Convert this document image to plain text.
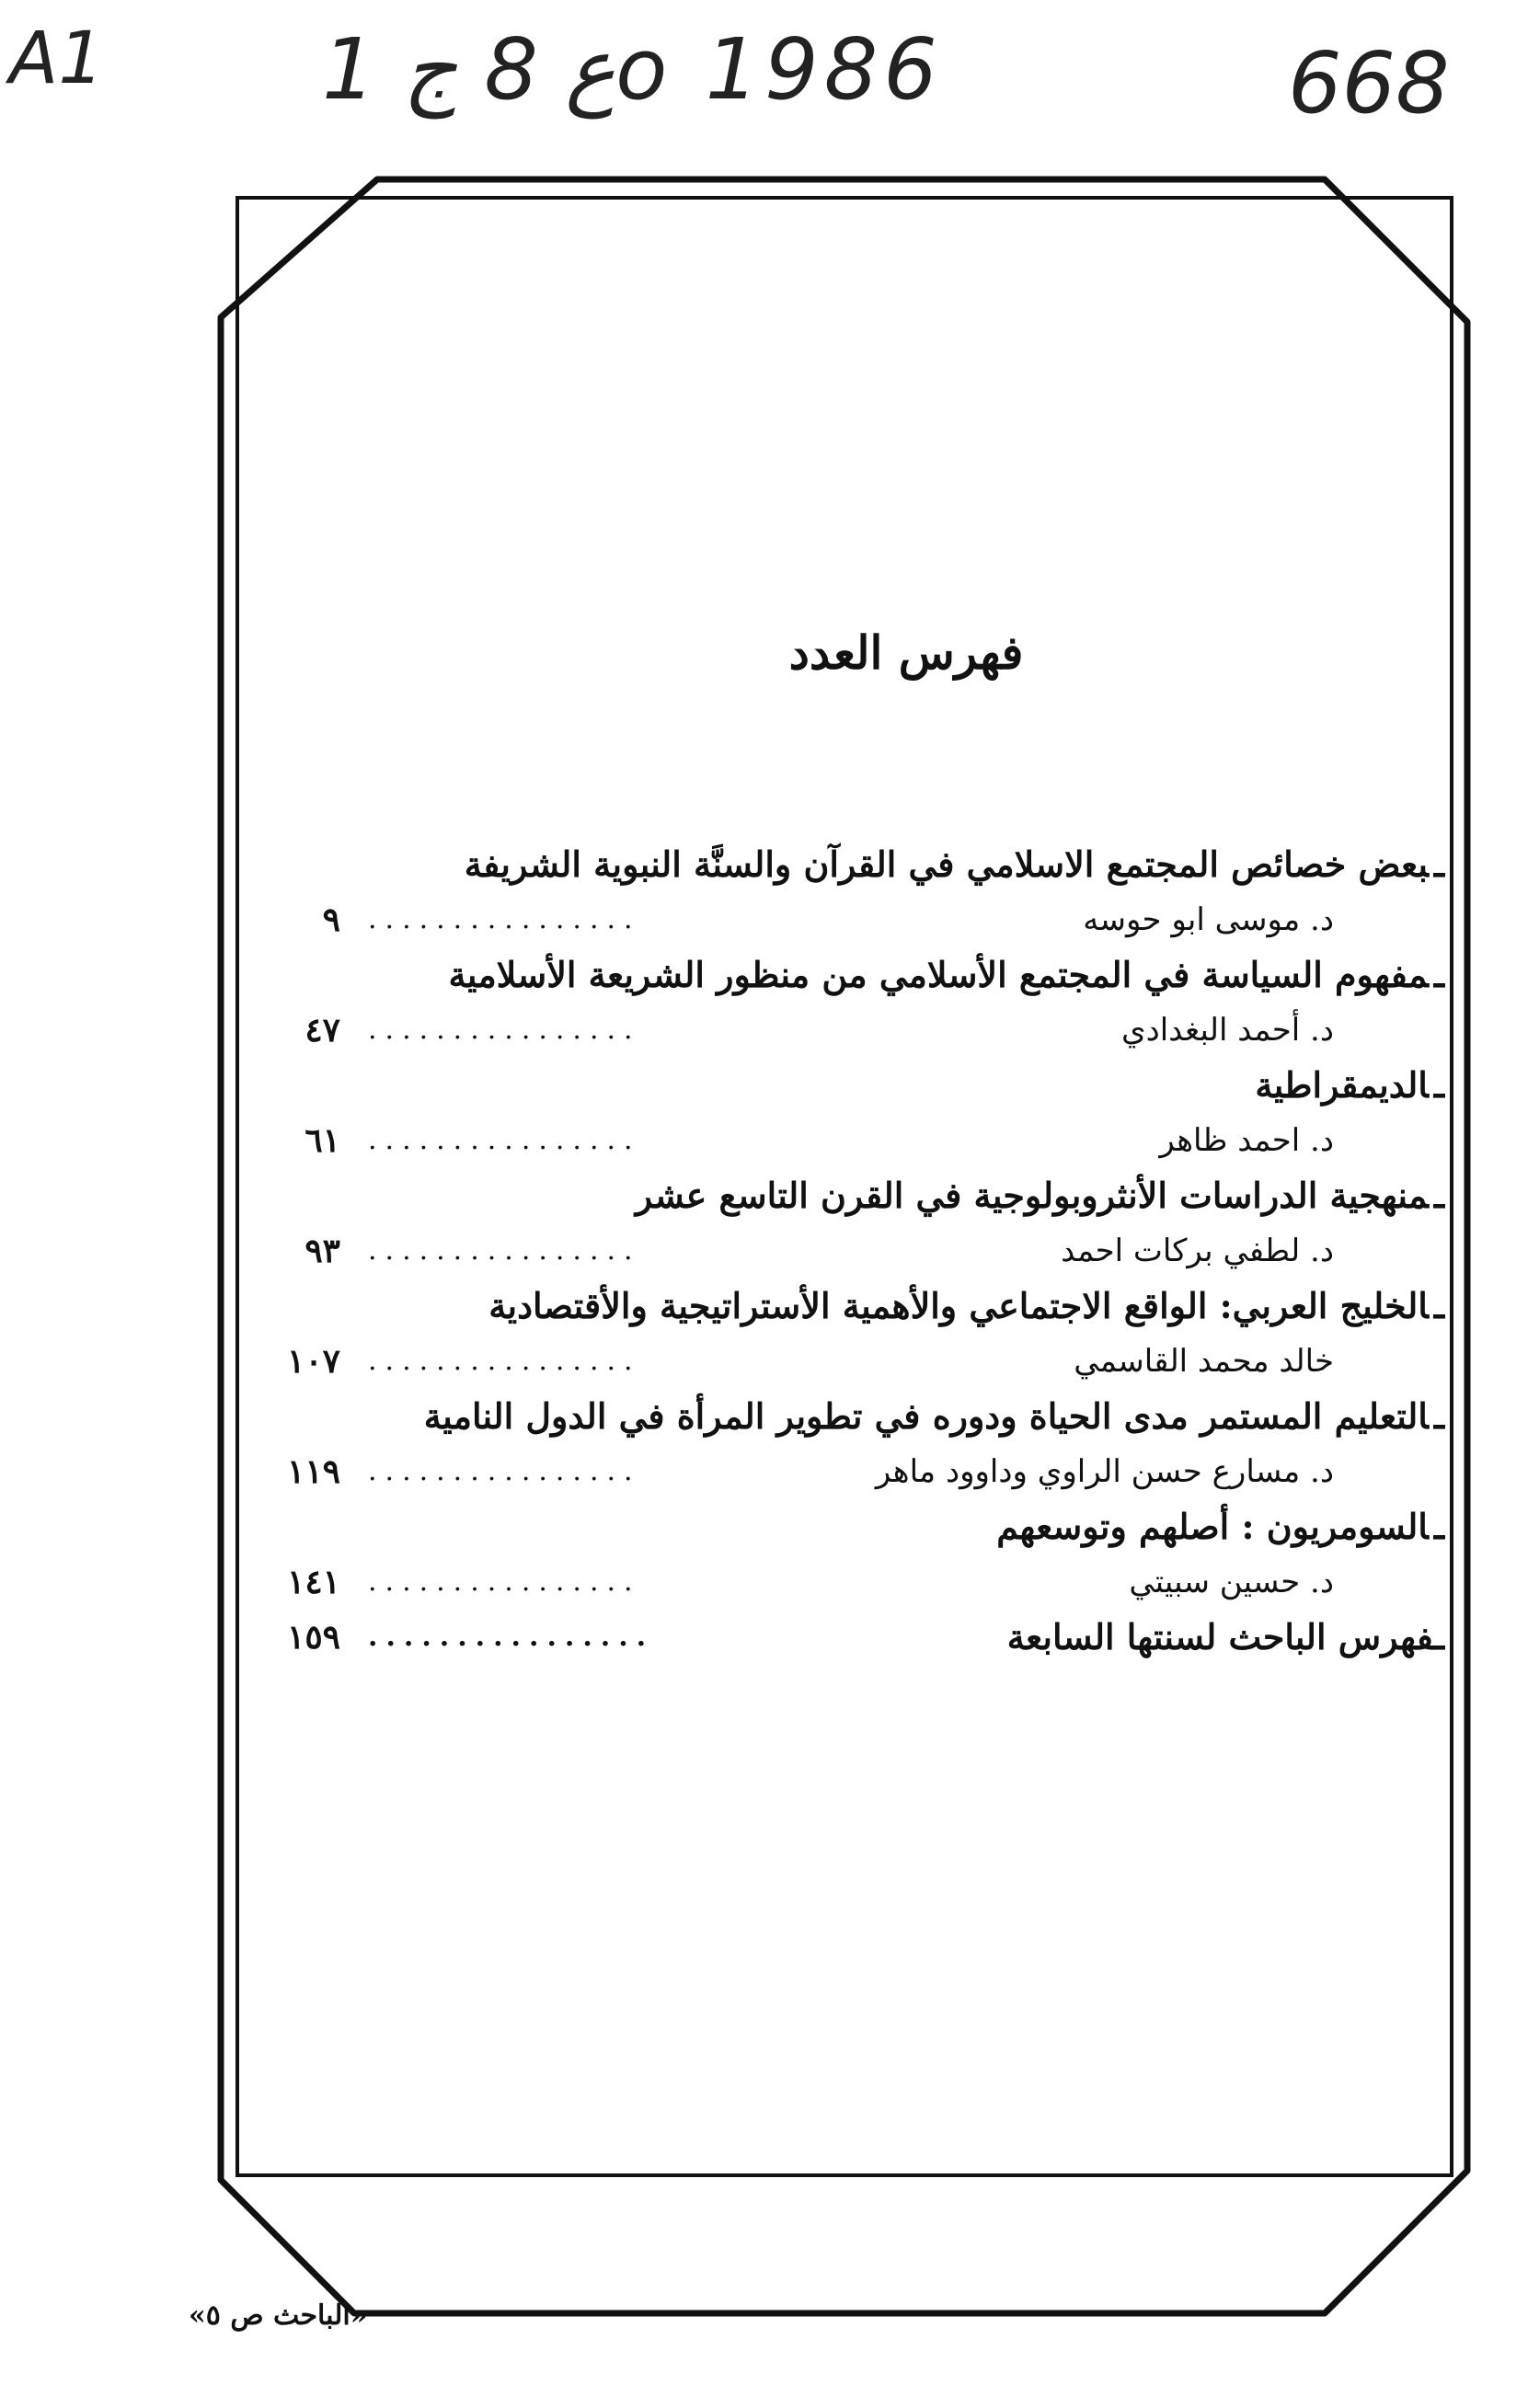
A1	1 ع 8 جo 1986	668
فهرس العدد
ـبعض خصائص المجتمع الاسلامي في القرآن والسنَّة النبوية الشريفة
د. موسى ابو حوسه
................
٩
ـمفهوم السياسة في المجتمع الأسلامي من منظور الشريعة الأسلامية
د. أحمد البغدادي
................
٤٧
ـالديمقراطية
د. احمد ظاهر
................
٦١
ـمنهجية الدراسات الأنثروبولوجية في القرن التاسع عشر
د. لطفي بركات احمد
................
٩٣
ـالخليج العربي: الواقع الاجتماعي والأهمية الأستراتيجية والأقتصادية
خالد محمد القاسمي
................
١٠٧
ـالتعليم المستمر مدى الحياة ودوره في تطوير المرأة في الدول النامية
د. مسارع حسن الراوي وداوود ماهر
................
١١٩
ـالسومريون : أصلهم وتوسعهم
د. حسين سبيتي
................
١٤١
ـفهرس الباحث لسنتها السابعة
................
١٥٩
«الباحث ص ٥»
